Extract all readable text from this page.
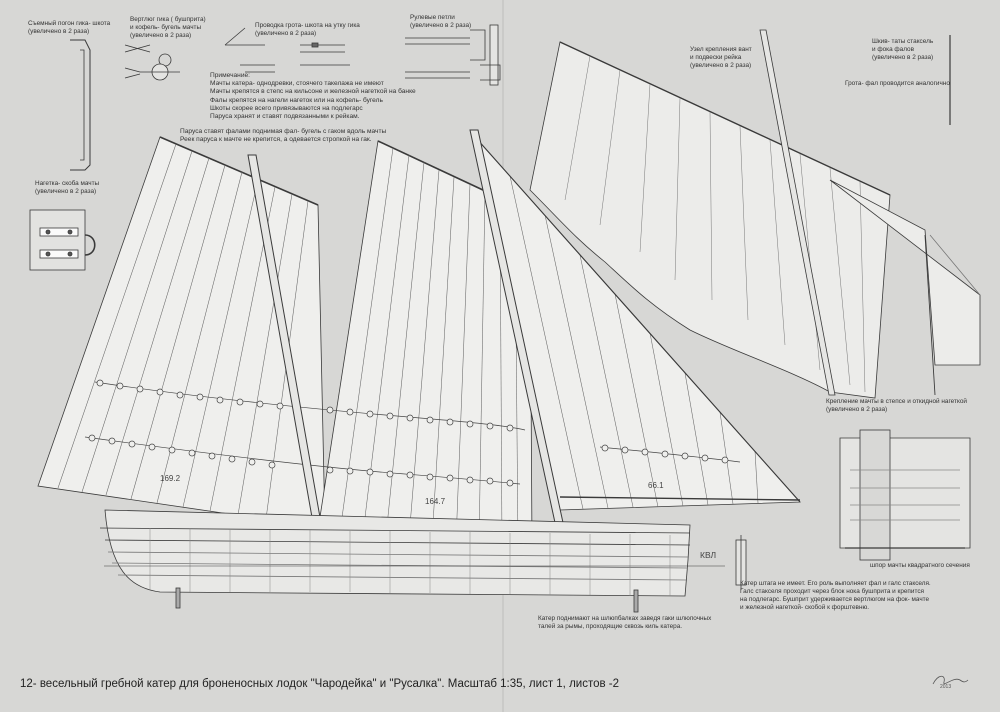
Съемный погон гика- шкота
(увеличено в 2 раза)
Вертлюг гика ( бушприта)
и кофель- бугель мачты
(увеличено в 2 раза)
Проводка грота- шкота на утку гика
(увеличено в 2 раза)
Рулевые петли
(увеличено в 2 раза)
Примечание:
Мачты катера- однодревки, стоячего такелажа не имеют
Мачты крепятся в степс на кильсоне и железной нагеткой на банке
Фалы крепятся на нагели нагеток или на кофель- бугель
Шкоты скорее всего привязываются на подлегарс
Паруса хранят и ставят подвязанными к рейкам.
Паруса ставят фалами поднимая фал- бугель с гаком вдоль мачты
Реек паруса к мачте не крепится, а одевается стропкой на гак.
Нагетка- скоба мачты
(увеличено в 2 раза)
Узел крепления вант
и подвески рейка
(увеличено в 2 раза)
Шкив- таты стаксель
и фока фалов
(увеличено в 2 раза)
Грота- фал проводится аналогично
Крепление мачты в степсе и откидной нагеткой
(увеличено в 2 раза)
шпор мачты квадратного сечения
КВЛ
Катер штага не имеет. Его роль выполняет фал и галс стакселя.
Галс стакселя проходит через блок нока бушприта и крепится
на подлегарс. Бушприт удерживается вертлюгом на фок- мачте
и железной нагеткой- скобой к форштевню.
Катер поднимают на шлюпбалках заведя гаки шлюпочных
талей за рымы, проходящие сквозь киль катера.
169.2
164.7
66.1
12- весельный гребной катер для броненосных лодок "Чародейка" и "Русалка". Масштаб 1:35, лист 1, листов -2	2013
